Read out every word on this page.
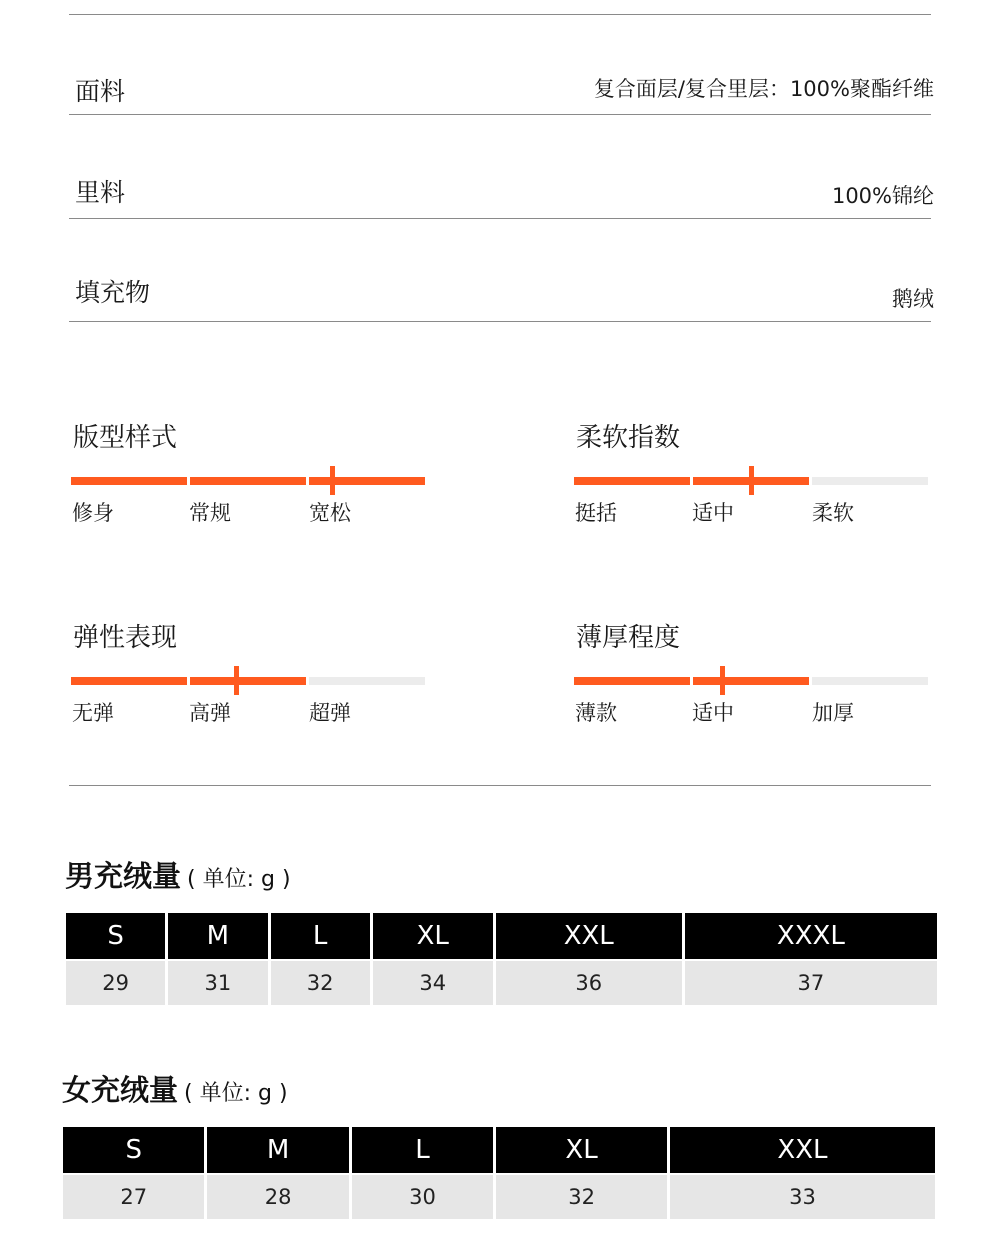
面料	复合面层/复合里层：100%聚酯纤维
里料	100%锦纶
填充物	鹅绒
版型样式
修身	常规	宽松
柔软指数
挺括	适中	柔软
弹性表现
无弹	高弹	超弹
薄厚程度
薄款	适中	加厚
男充绒量 ( 单位: g )
S	M	L	XL	XXL	XXXL
29	31	32	34	36	37
女充绒量 ( 单位: g )
S	M	L	XL	XXL
27	28	30	32	33
